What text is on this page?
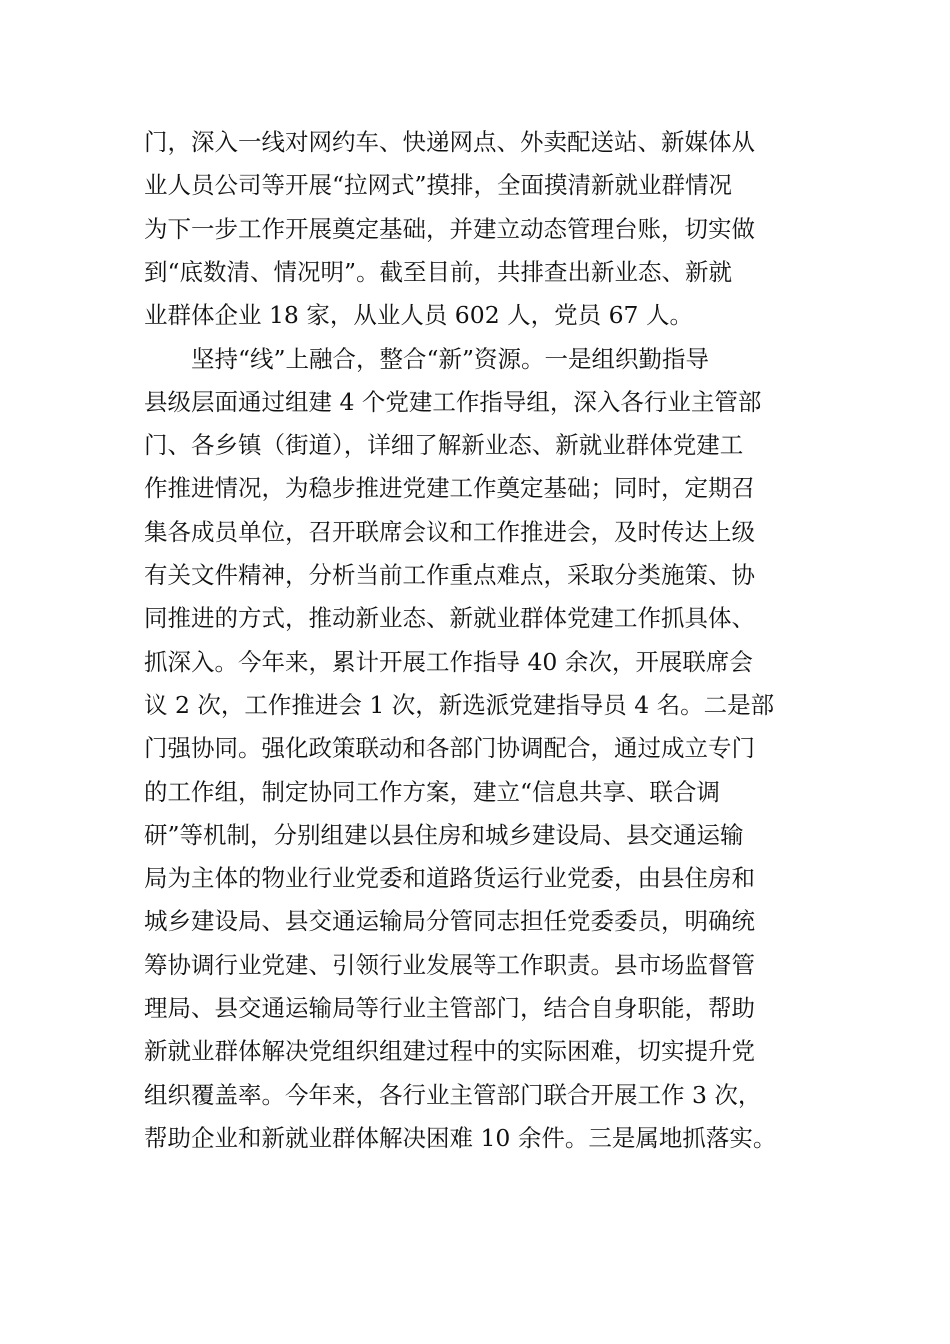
门，深入一线对网约车、快递网点、外卖配送站、新媒体从
业人员公司等开展“拉网式”摸排，全面摸清新就业群情况
为下一步工作开展奠定基础，并建立动态管理台账，切实做
到“底数清、情况明”。截至目前，共排查出新业态、新就
业群体企业 18 家，从业人员 602 人，党员 67 人。
坚持“线”上融合，整合“新”资源。一是组织勤指导
县级层面通过组建 4 个党建工作指导组，深入各行业主管部
门、各乡镇（街道），详细了解新业态、新就业群体党建工
作推进情况，为稳步推进党建工作奠定基础；同时，定期召
集各成员单位，召开联席会议和工作推进会，及时传达上级
有关文件精神，分析当前工作重点难点，采取分类施策、协
同推进的方式，推动新业态、新就业群体党建工作抓具体、
抓深入。今年来，累计开展工作指导 40 余次，开展联席会
议 2 次，工作推进会 1 次，新选派党建指导员 4 名。二是部
门强协同。强化政策联动和各部门协调配合，通过成立专门
的工作组，制定协同工作方案，建立“信息共享、联合调
研”等机制，分别组建以县住房和城乡建设局、县交通运输
局为主体的物业行业党委和道路货运行业党委，由县住房和
城乡建设局、县交通运输局分管同志担任党委委员，明确统
筹协调行业党建、引领行业发展等工作职责。县市场监督管
理局、县交通运输局等行业主管部门，结合自身职能，帮助
新就业群体解决党组织组建过程中的实际困难，切实提升党
组织覆盖率。今年来，各行业主管部门联合开展工作 3 次，
帮助企业和新就业群体解决困难 10 余件。三是属地抓落实。
